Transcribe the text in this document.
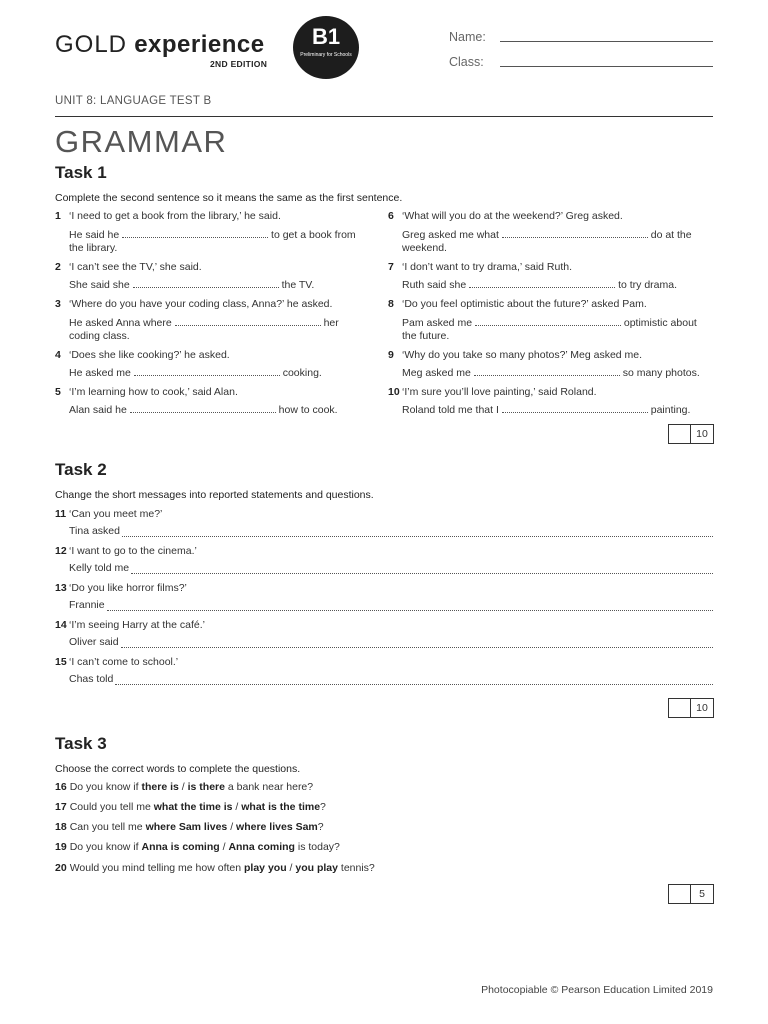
GOLD experience
2ND EDITION
B1
Preliminary for Schools
Name:
Class:
UNIT 8: LANGUAGE TEST B
GRAMMAR
Task 1
Complete the second sentence so it means the same as the first sentence.
1 ‘I need to get a book from the library,’ he said.
He said he	to get a book from
the library.
2 ‘I can’t see the TV,’ she said.
She said she	the TV.
3 ‘Where do you have your coding class, Anna?’ he asked.
He asked Anna where	her
coding class.
4 ‘Does she like cooking?’ he asked.
He asked me	cooking.
5 ‘I’m learning how to cook,’ said Alan.
Alan said he	how to cook.
6 ‘What will you do at the weekend?’ Greg asked.
Greg asked me what	do at the
weekend.
7 ‘I don’t want to try drama,’ said Ruth.
Ruth said she	to try drama.
8 ‘Do you feel optimistic about the future?’ asked Pam.
Pam asked me	optimistic about
the future.
9 ‘Why do you take so many photos?’ Meg asked me.
Meg asked me	so many photos.
10 ‘I’m sure you’ll love painting,’ said Roland.
Roland told me that I	painting.
10
Task 2
Change the short messages into reported statements and questions.
11 ‘Can you meet me?’
Tina asked
12 ‘I want to go to the cinema.’
Kelly told me
13 ‘Do you like horror films?’
Frannie
14 ‘I’m seeing Harry at the café.’
Oliver said
15 ‘I can’t come to school.’
Chas told
10
Task 3
Choose the correct words to complete the questions.
16 Do you know if there is / is there a bank near here?
17 Could you tell me what the time is / what is the time?
18 Can you tell me where Sam lives / where lives Sam?
19 Do you know if Anna is coming / Anna coming is today?
20 Would you mind telling me how often play you / you play tennis?
5
Photocopiable © Pearson Education Limited 2019
